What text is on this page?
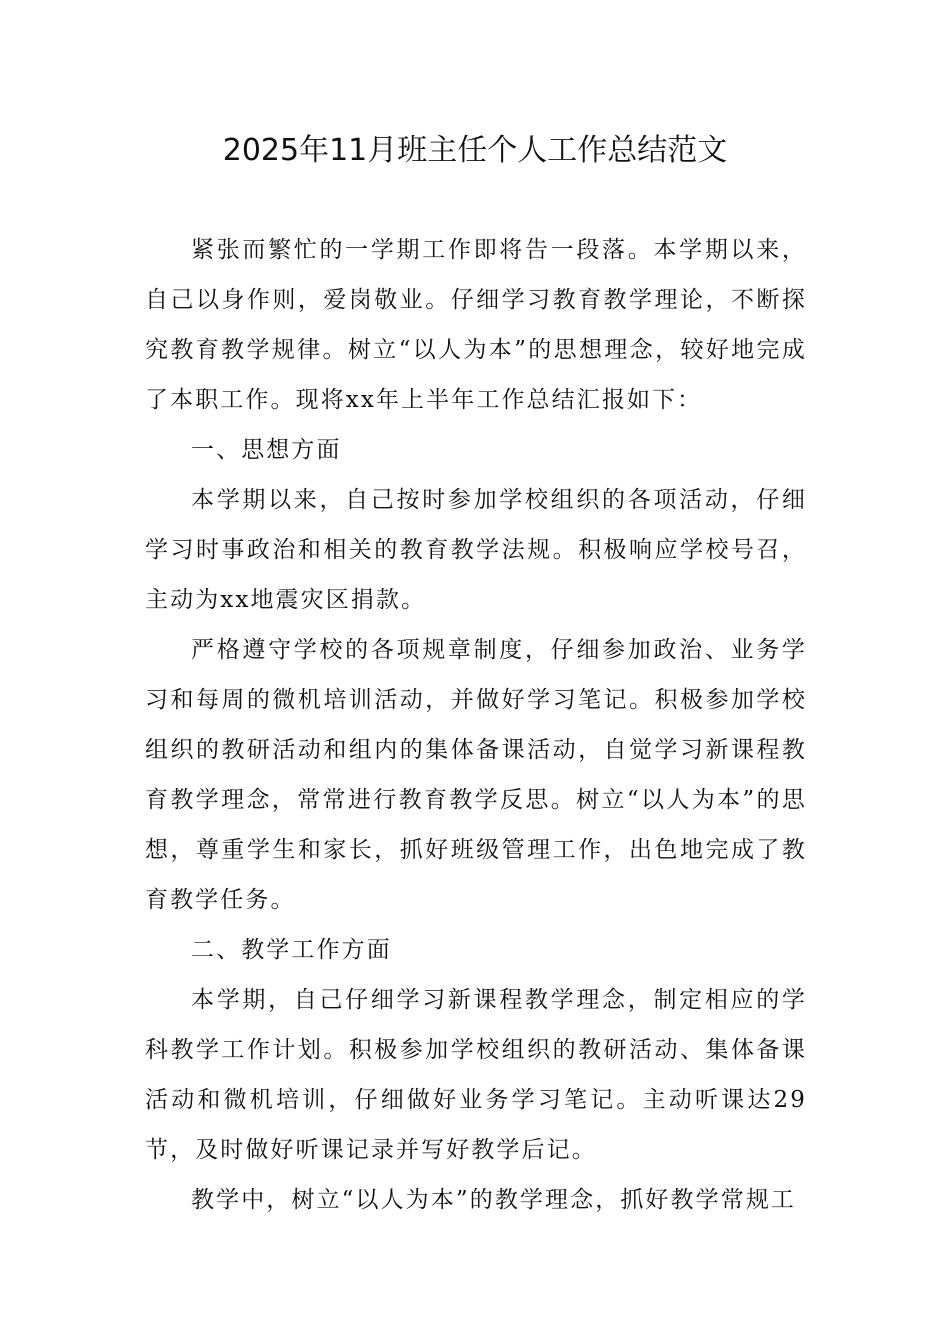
2025年11月班主任个人工作总结范文

紧张而繁忙的一学期工作即将告一段落。本学期以来，自己以身作则，爱岗敬业。仔细学习教育教学理论，不断探究教育教学规律。树立“以人为本”的思想理念，较好地完成了本职工作。现将xx年上半年工作总结汇报如下：

一、思想方面

本学期以来，自己按时参加学校组织的各项活动，仔细学习时事政治和相关的教育教学法规。积极响应学校号召，主动为xx地震灾区捐款。

严格遵守学校的各项规章制度，仔细参加政治、业务学习和每周的微机培训活动，并做好学习笔记。积极参加学校组织的教研活动和组内的集体备课活动，自觉学习新课程教育教学理念，常常进行教育教学反思。树立“以人为本”的思想，尊重学生和家长，抓好班级管理工作，出色地完成了教育教学任务。

二、教学工作方面

本学期，自己仔细学习新课程教学理念，制定相应的学科教学工作计划。积极参加学校组织的教研活动、集体备课活动和微机培训，仔细做好业务学习笔记。主动听课达29节，及时做好听课记录并写好教学后记。

教学中，树立“以人为本”的教学理念，抓好教学常规工
